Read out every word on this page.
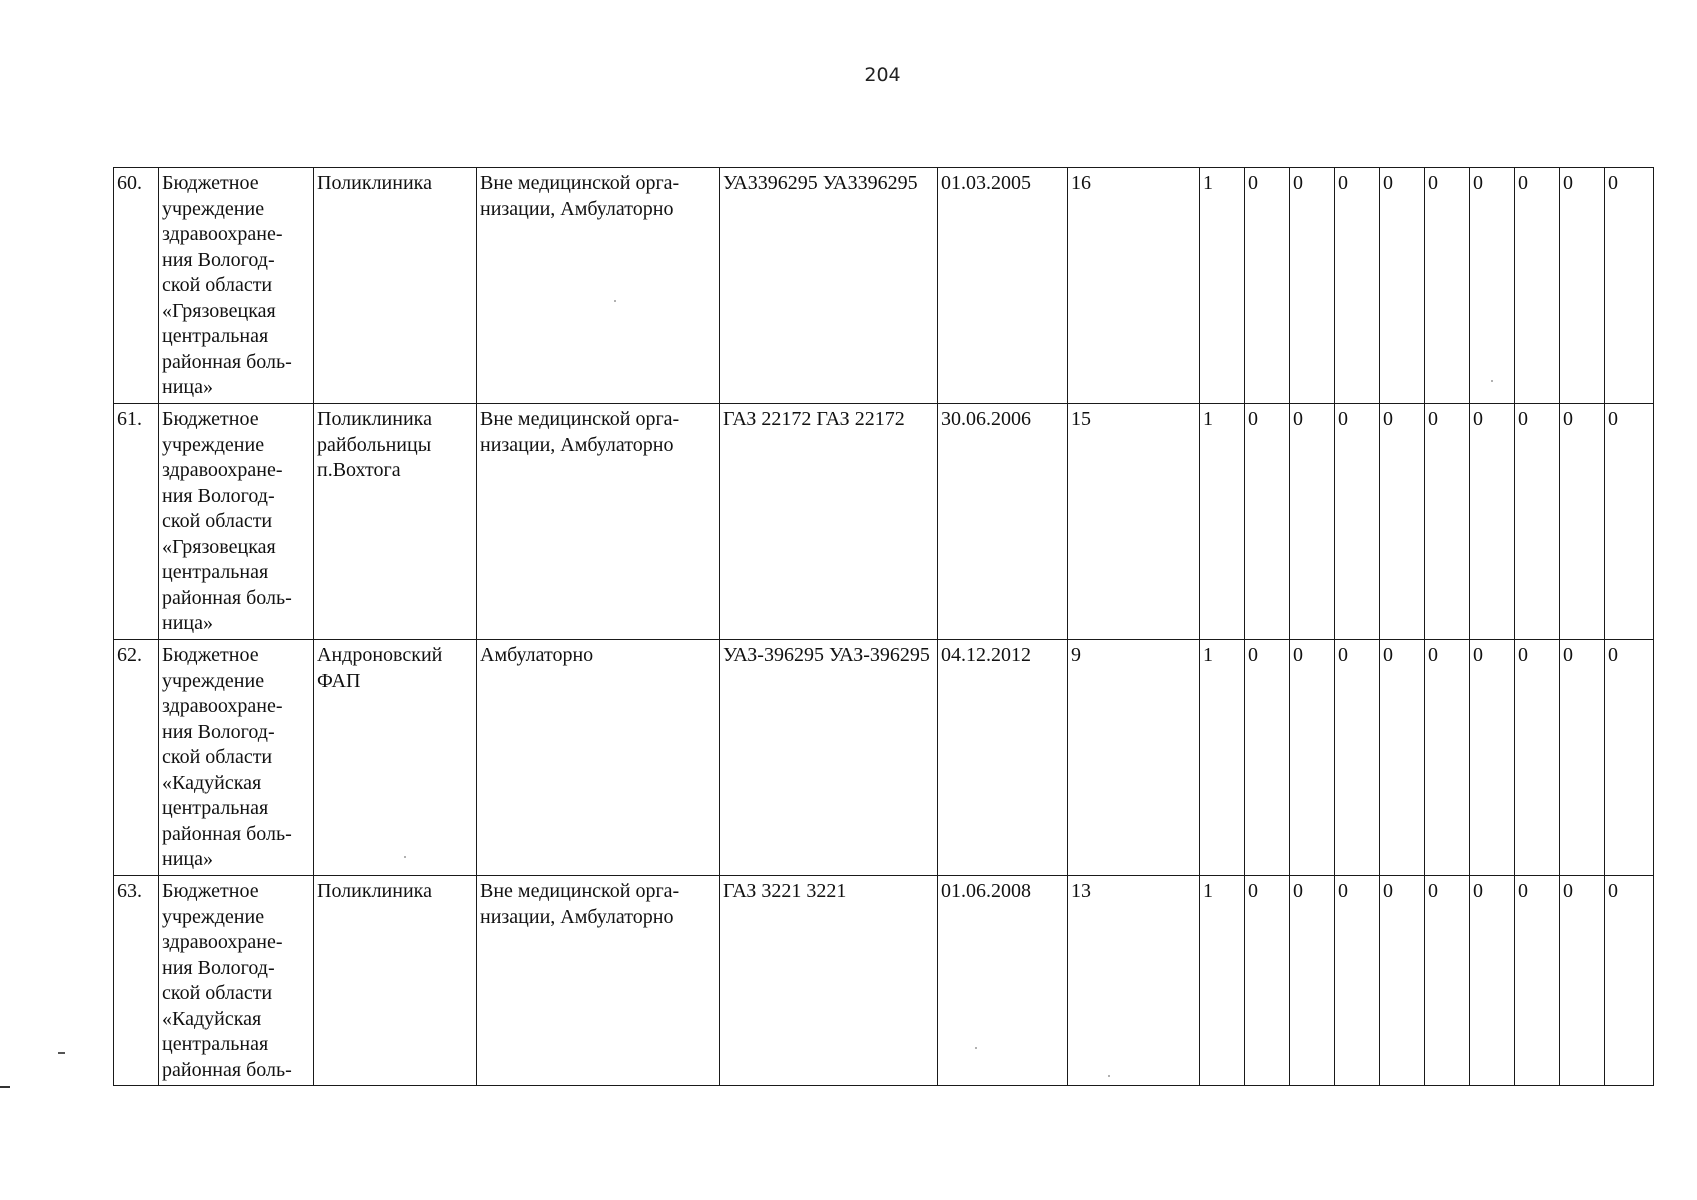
204
60.	Бюджетное учреждение здравоохране-ния Вологод-ской области «Грязовецкая центральная районная боль-ница»	Поликлиника	Вне медицинской орга-низации, Амбулаторно	УА3396295 УА3396295	01.03.2005	16	1	0	0	0	0	0	0	0	0	0
61.	Бюджетное учреждение здравоохране-ния Вологод-ской области «Грязовецкая центральная районная боль-ница»	Поликлиника райбольницы п.Вохтога	Вне медицинской орга-низации, Амбулаторно	ГАЗ 22172 ГАЗ 22172	30.06.2006	15	1	0	0	0	0	0	0	0	0	0
62.	Бюджетное учреждение здравоохране-ния Вологод-ской области «Кадуйская центральная районная боль-ница»	Андроновский ФАП	Амбулаторно	УАЗ-396295 УАЗ-396295	04.12.2012	9	1	0	0	0	0	0	0	0	0	0
63.	Бюджетное учреждение здравоохране-ния Вологод-ской области «Кадуйская центральная районная боль-	Поликлиника	Вне медицинской орга-низации, Амбулаторно	ГАЗ 3221 3221	01.06.2008	13	1	0	0	0	0	0	0	0	0	0
